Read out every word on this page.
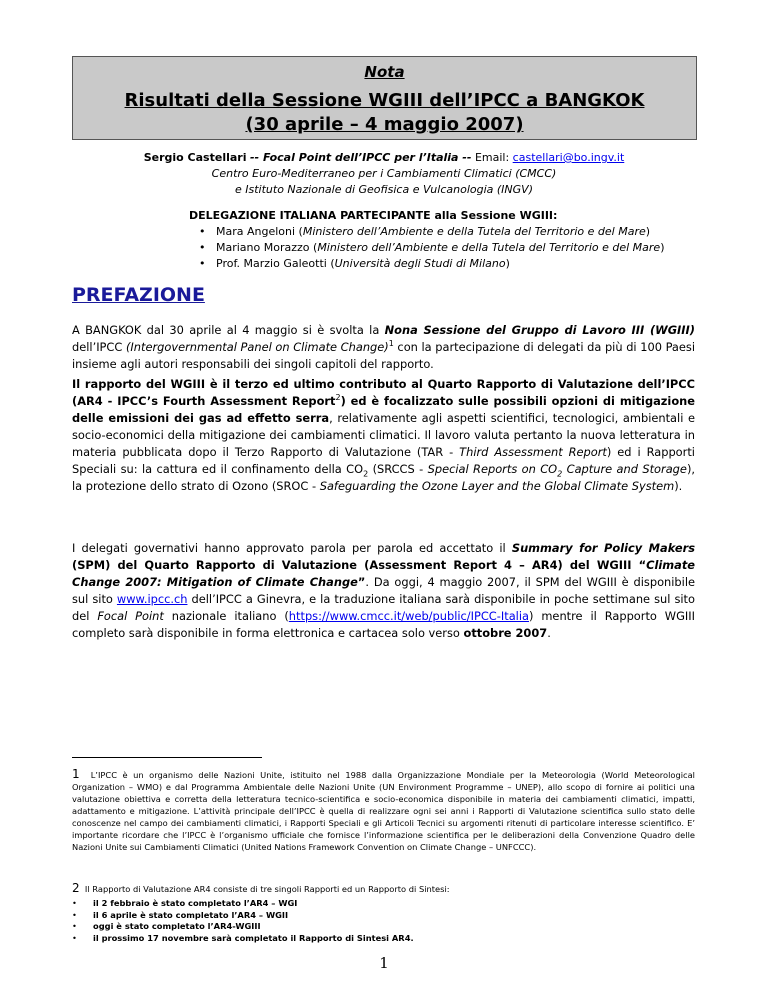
Nota
Risultati della Sessione WGIII dell’IPCC a BANGKOK
(30 aprile – 4 maggio 2007)
Sergio Castellari -- Focal Point dell’IPCC per l’Italia -- Email: castellari@bo.ingv.it
Centro Euro-Mediterraneo per i Cambiamenti Climatici (CMCC)
e Istituto Nazionale di Geofisica e Vulcanologia (INGV)
DELEGAZIONE ITALIANA PARTECIPANTE alla Sessione WGIII:
• Mara Angeloni (Ministero dell’Ambiente e della Tutela del Territorio e del Mare)
• Mariano Morazzo (Ministero dell’Ambiente e della Tutela del Territorio e del Mare)
• Prof. Marzio Galeotti (Università degli Studi di Milano)
PREFAZIONE
A BANGKOK dal 30 aprile al 4 maggio si è svolta la Nona Sessione del Gruppo di Lavoro III (WGIII) dell’IPCC (Intergovernmental Panel on Climate Change)$^1$ con la partecipazione di delegati da più di 100 Paesi insieme agli autori responsabili dei singoli capitoli del rapporto.
Il rapporto del WGIII è il terzo ed ultimo contributo al Quarto Rapporto di Valutazione dell’IPCC (AR4 - IPCC’s Fourth Assessment Report$^2$) ed è focalizzato sulle possibili opzioni di mitigazione delle emissioni dei gas ad effetto serra, relativamente agli aspetti scientifici, tecnologici, ambientali e socio-economici della mitigazione dei cambiamenti climatici. Il lavoro valuta pertanto la nuova letteratura in materia pubblicata dopo il Terzo Rapporto di Valutazione (TAR - Third Assessment Report) ed i Rapporti Speciali su: la cattura ed il confinamento della $CO_2$ (SRCCS - Special Reports on $CO_2$ Capture and Storage), la protezione dello strato di Ozono (SROC - Safeguarding the Ozone Layer and the Global Climate System).
I delegati governativi hanno approvato parola per parola ed accettato il Summary for Policy Makers (SPM) del Quarto Rapporto di Valutazione (Assessment Report 4 – AR4) del WGIII “Climate Change 2007: Mitigation of Climate Change”. Da oggi, 4 maggio 2007, il SPM del WGIII è disponibile sul sito www.ipcc.ch dell’IPCC a Ginevra, e la traduzione italiana sarà disponibile in poche settimane sul sito del Focal Point nazionale italiano (https://www.cmcc.it/web/public/IPCC-Italia) mentre il Rapporto WGIII completo sarà disponibile in forma elettronica e cartacea solo verso ottobre 2007.
1 L’IPCC è un organismo delle Nazioni Unite, istituito nel 1988 dalla Organizzazione Mondiale per la Meteorologia (World Meteorological Organization – WMO) e dal Programma Ambientale delle Nazioni Unite (UN Environment Programme – UNEP), allo scopo di fornire ai politici una valutazione obiettiva e corretta della letteratura tecnico-scientifica e socio-economica disponibile in materia dei cambiamenti climatici, impatti, adattamento e mitigazione. L’attività principale dell’IPCC è quella di realizzare ogni sei anni i Rapporti di Valutazione scientifica sullo stato delle conoscenze nel campo dei cambiamenti climatici, i Rapporti Speciali e gli Articoli Tecnici su argomenti ritenuti di particolare interesse scientifico. E’ importante ricordare che l’IPCC è l’organismo ufficiale che fornisce l’informazione scientifica per le deliberazioni della Convenzione Quadro delle Nazioni Unite sui Cambiamenti Climatici (United Nations Framework Convention on Climate Change – UNFCCC).
2 Il Rapporto di Valutazione AR4 consiste di tre singoli Rapporti ed un Rapporto di Sintesi:
• il 2 febbraio è stato completato l’AR4 – WGI
• il 6 aprile è stato completato l’AR4 – WGII
• oggi è stato completato l’AR4-WGIII
• il prossimo 17 novembre sarà completato il Rapporto di Sintesi AR4.
1
